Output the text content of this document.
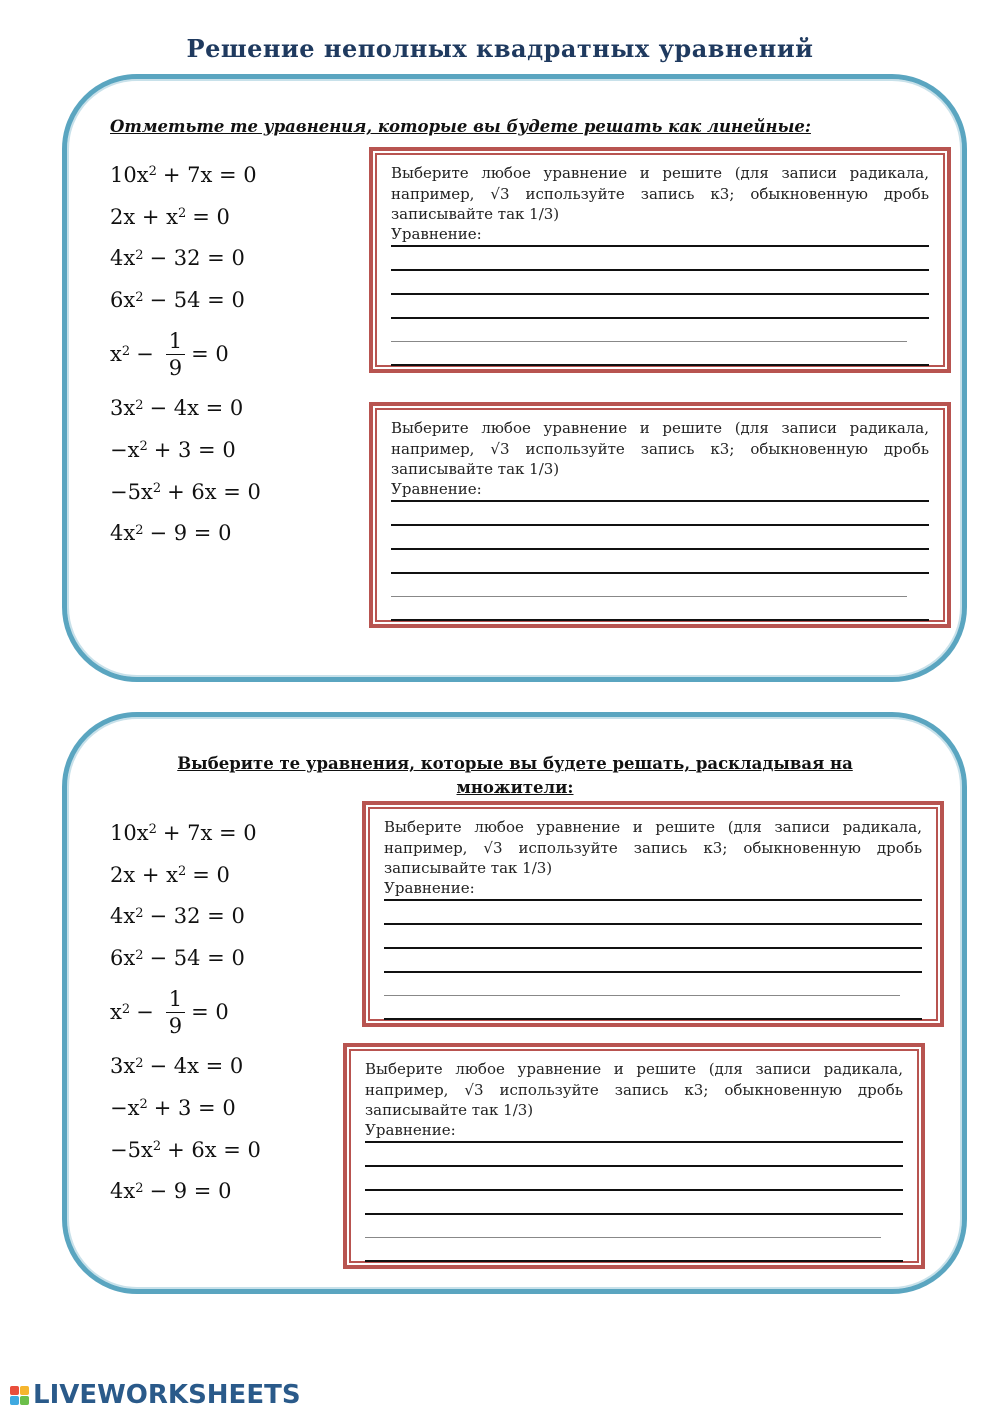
Решение неполных квадратных уравнений
Отметьте те уравнения, которые вы будете решать как линейные:
$10x^2 + 7x = 0$
$2x + x^2 = 0$
$4x^2 - 32 = 0$
$6x^2 - 54 = 0$
$x^2 - \frac{1}{9} = 0$
$3x^2 - 4x = 0$
$-x^2 + 3 = 0$
$-5x^2 + 6x = 0$
$4x^2 - 9 = 0$

Выберите любое уравнение и решите (для записи радикала, например, √3 используйте запись к3; обыкновенную дробь записывайте так 1/3)

Уравнение:

Выберите любое уравнение и решите (для записи радикала, например, √3 используйте запись к3; обыкновенную дробь записывайте так 1/3)

Уравнение:
Выберите те уравнения, которые вы будете решать, раскладывая на множители:
$10x^2 + 7x = 0$
$2x + x^2 = 0$
$4x^2 - 32 = 0$
$6x^2 - 54 = 0$
$x^2 - \frac{1}{9} = 0$
$3x^2 - 4x = 0$
$-x^2 + 3 = 0$
$-5x^2 + 6x = 0$
$4x^2 - 9 = 0$

Выберите любое уравнение и решите (для записи радикала, например, √3 используйте запись к3; обыкновенную дробь записывайте так 1/3)

Уравнение:

Выберите любое уравнение и решите (для записи радикала, например, √3 используйте запись к3; обыкновенную дробь записывайте так 1/3)

Уравнение:
LIVEWORKSHEETS
